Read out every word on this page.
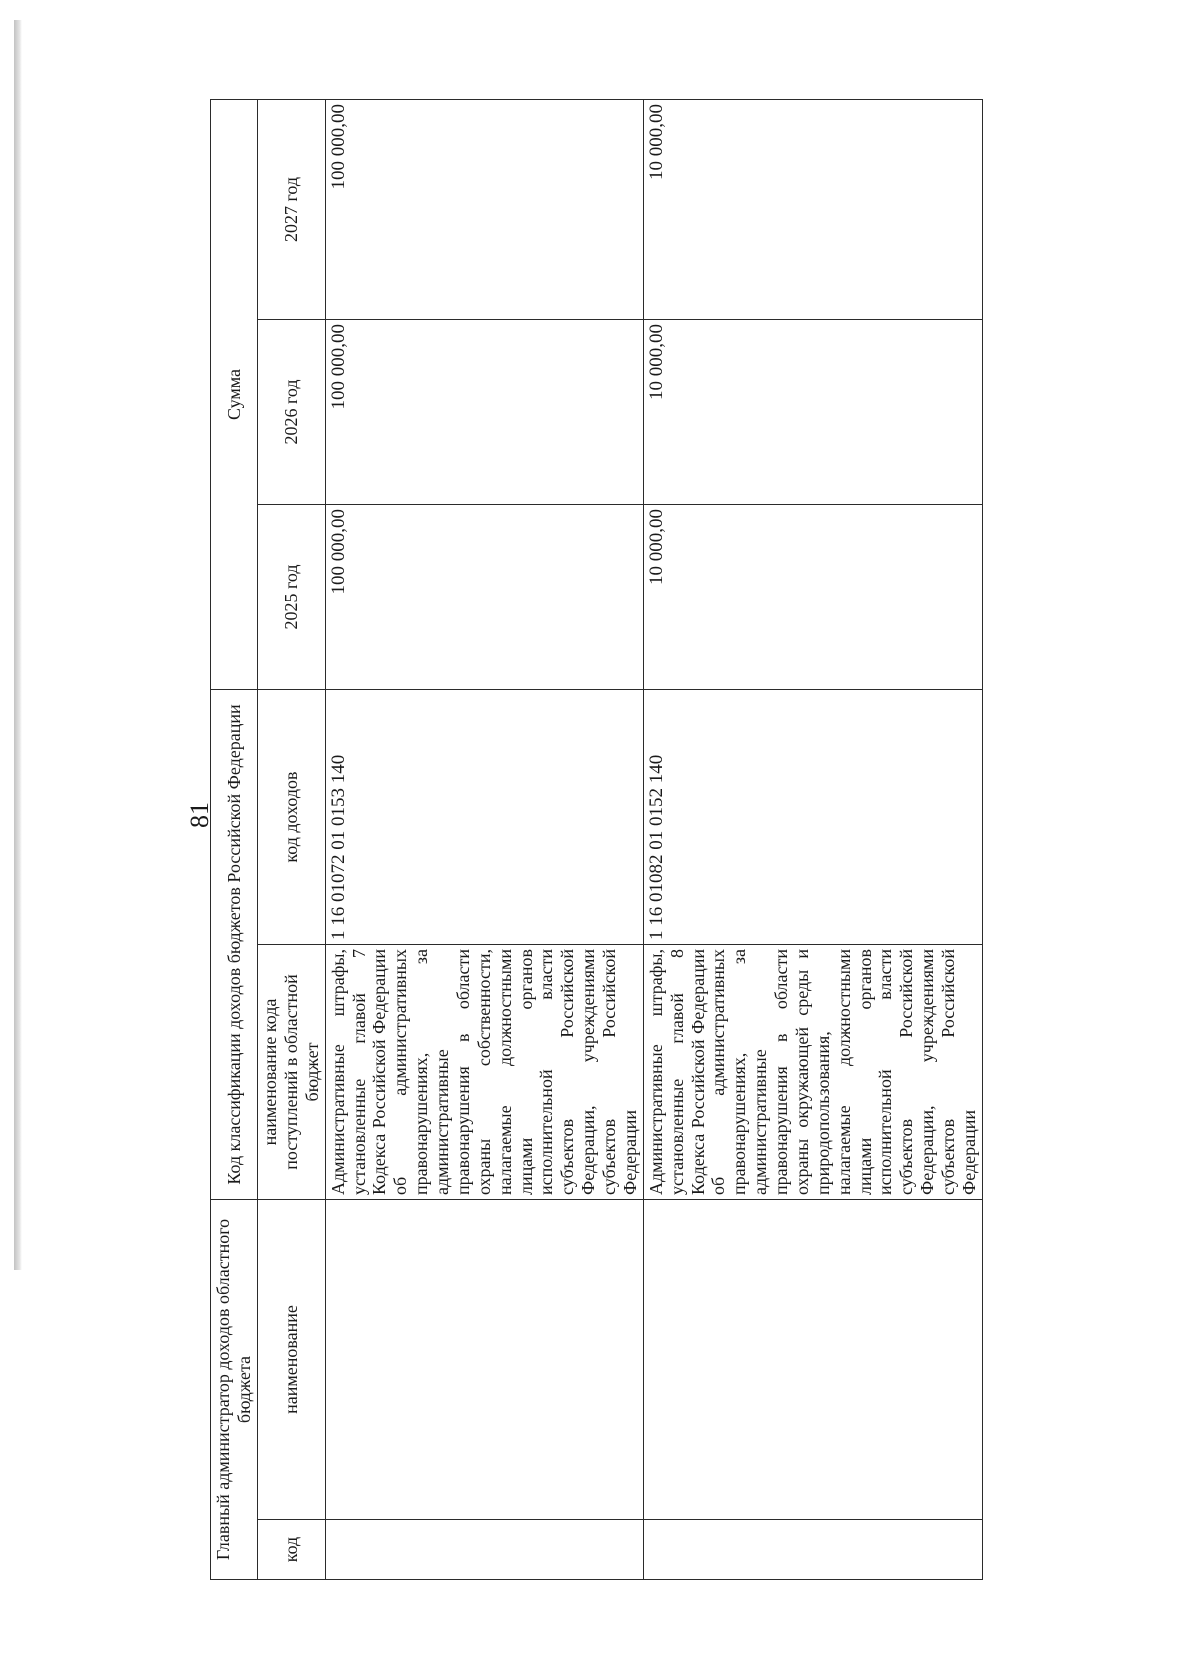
81
Главный администратор доходов областного бюджета		Код классификации доходов бюджетов Российской Федерации		Сумма		
код	наименование	наименование кода поступлений в областной бюджет	код доходов	2025 год	2026 год	2027 год
		Административные штрафы, установленные главой 7 Кодекса Российской Федерации об административных правонарушениях, за административные правонарушения в области охраны собственности, налагаемые должностными лицами органов исполнительной власти субъектов Российской Федерации, учреждениями субъектов Российской Федерации	1 16 01072 01 0153 140	100 000,00	100 000,00	100 000,00
		Административные штрафы, установленные главой 8 Кодекса Российской Федерации об административных правонарушениях, за административные правонарушения в области охраны окружающей среды и природопользования, налагаемые должностными лицами органов исполнительной власти субъектов Российской Федерации, учреждениями субъектов Российской Федерации	1 16 01082 01 0152 140	10 000,00	10 000,00	10 000,00
